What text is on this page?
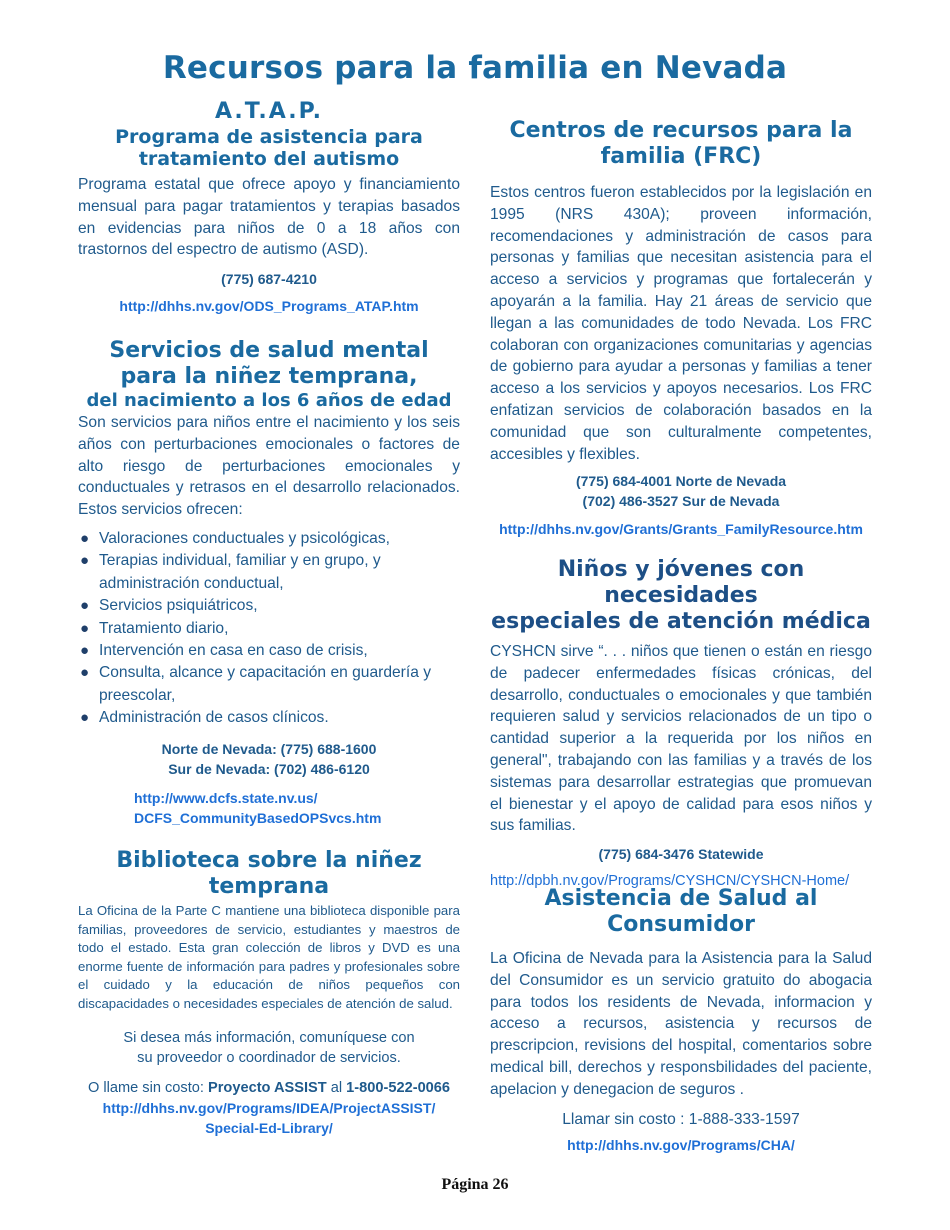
Recursos para la familia en Nevada
A.T.A.P.
Programa de asistencia para
tratamiento del autismo

Programa estatal que ofrece apoyo y financiamiento mensual para pagar tratamientos y terapias basados en evidencias para niños de 0 a 18 años con trastornos del espectro de autismo (ASD).

(775) 687-4210
http://dhhs.nv.gov/ODS_Programs_ATAP.htm
Servicios de salud mental
para la niñez temprana,
del nacimiento a los 6 años de edad

Son servicios para niños entre el nacimiento y los seis años con perturbaciones emocionales o factores de alto riesgo de perturbaciones emocionales y conductuales y retrasos en el desarrollo relacionados. Estos servicios ofrecen:

● Valoraciones conductuales y psicológicas,
● Terapias individual, familiar y en grupo, y administración conductual,
● Servicios psiquiátricos,
● Tratamiento diario,
● Intervención en casa en caso de crisis,
● Consulta, alcance y capacitación en guardería y preescolar,
● Administración de casos clínicos.
Norte de Nevada: (775) 688-1600
Sur de Nevada: (702) 486-6120
http://www.dcfs.state.nv.us/
DCFS_CommunityBasedOPSvcs.htm
Biblioteca sobre la niñez
temprana

La Oficina de la Parte C mantiene una biblioteca disponible para familias, proveedores de servicio, estudiantes y maestros de todo el estado. Esta gran colección de libros y DVD es una enorme fuente de información para padres y profesionales sobre el cuidado y la educación de niños pequeños con discapacidades o necesidades especiales de atención de salud.

Si desea más información, comuníquese con
su proveedor o coordinador de servicios.
O llame sin costo: Proyecto ASSIST al 1-800-522-0066
http://dhhs.nv.gov/Programs/IDEA/ProjectASSIST/
Special-Ed-Library/
Centros de recursos para la
familia (FRC)

Estos centros fueron establecidos por la legislación en 1995 (NRS 430A); proveen información, recomendaciones y administración de casos para personas y familias que necesitan asistencia para el acceso a servicios y programas que fortalecerán y apoyarán a la familia. Hay 21 áreas de servicio que llegan a las comunidades de todo Nevada. Los FRC colaboran con organizaciones comunitarias y agencias de gobierno para ayudar a personas y familias a tener acceso a los servicios y apoyos necesarios. Los FRC enfatizan servicios de colaboración basados en la comunidad que son culturalmente competentes, accesibles y flexibles.

(775) 684-4001 Norte de Nevada
(702) 486-3527 Sur de Nevada
http://dhhs.nv.gov/Grants/Grants_FamilyResource.htm
Niños y jóvenes con necesidades
especiales de atención médica

CYSHCN sirve “. . . niños que tienen o están en riesgo de padecer enfermedades físicas crónicas, del desarrollo, conductuales o emocionales y que también requieren salud y servicios relacionados de un tipo o cantidad superior a la requerida por los niños en general", trabajando con las familias y a través de los sistemas para desarrollar estrategias que promuevan el bienestar y el apoyo de calidad para esos niños y sus familias.

(775) 684-3476 Statewide
http://dpbh.nv.gov/Programs/CYSHCN/CYSHCN-Home/
Asistencia de Salud al
Consumidor

La Oficina de Nevada para la Asistencia para la Salud del Consumidor es un servicio gratuito do abogacia para todos los residents de Nevada, informacion y acceso a recursos, asistencia y recursos de prescripcion, revisions del hospital, comentarios sobre medical bill, derechos y responsbilidades del paciente, apelacion y denegacion de seguros .

Llamar sin costo : 1-888-333-1597
http://dhhs.nv.gov/Programs/CHA/
Página 26
